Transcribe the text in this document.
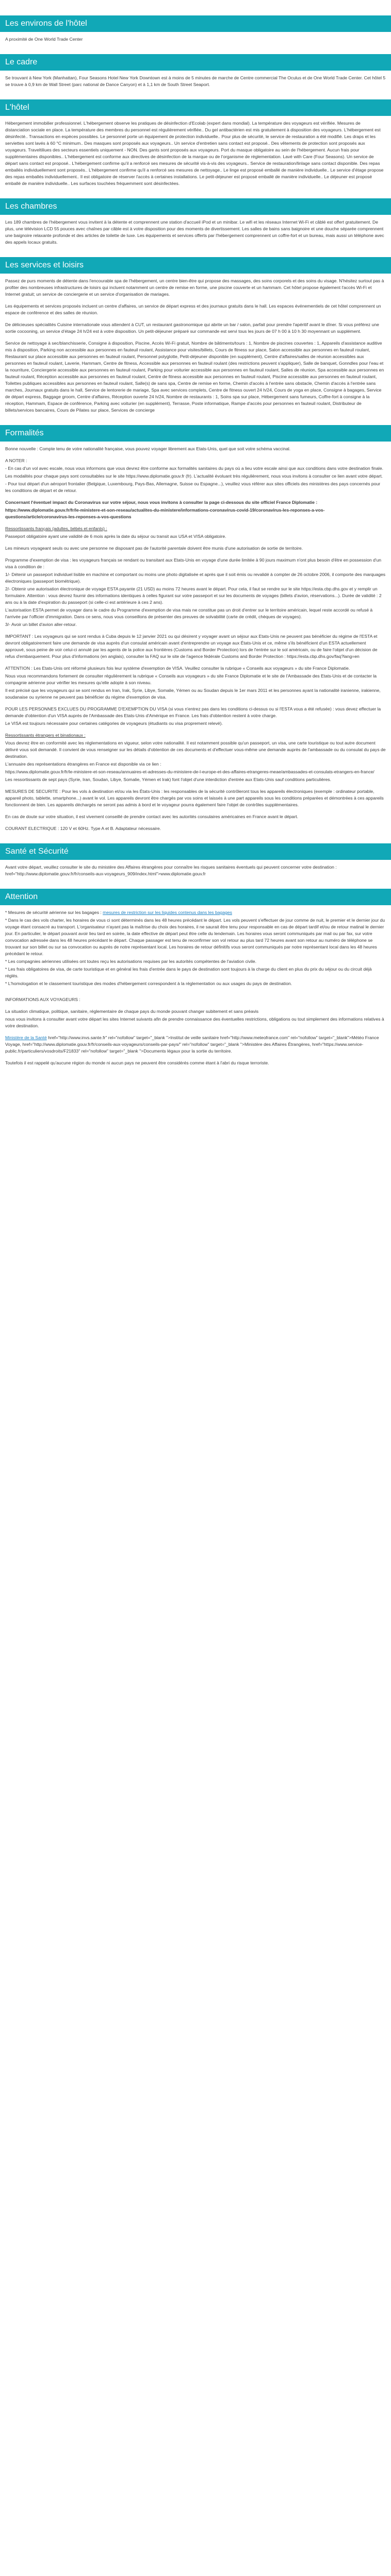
Les environs de l'hôtel

A proximité de One World Trade Center

Le cadre

Se trouvant à New York (Manhattan), Four Seasons Hotel New York Downtown est à moins de 5 minutes de marche de Centre commercial The Oculus et de One World Trade Center. Cet hôtel 5 se trouve à 0,9 km de Wall Street (parc national de Dance Canyon) et à 1,1 km de South Street Seaport.

L'hôtel

Hébergement immobilier professionnel. L'hébergement observe les pratiques de désinfection d'Ecolab (expert dans mondial). La température des voyageurs est vérifiée. Mesures de distanciation sociale en place. La température des membres du personnel est régulièrement vérifiée.. Du gel antibactérien est mis gratuitement à disposition des voyageurs. L'hébergement est désinfecté.. Transactions en espèces possibles. Le personnel porte un équipement de protection individuelle.. Pour plus de sécurité, le service de restauration a été modifié. Les draps et les serviettes sont lavés à 60 °C minimum.. Des masques sont proposés aux voyageurs.. Un service d'entretien sans contact est proposé.. Des vêtements de protection sont proposés aux voyageurs. Traveltiliues des secteurs essentiels uniquement - NON. Des gants sont proposés aux voyageurs. Port du masque obligatoire au sein de l'hébergement. Aucun frais pour supplémentaires disponibles.. L'hébergement est conforme aux directives de désinfection de la marque ou de l'organisme de réglementation. Lavé with Care (Four Seasons). Un service de départ sans contact est proposé.. L'hébergement confirme qu'il a renforcé ses mesures de sécurité vis-à-vis des voyageurs.. Service de restauration/linlage sans contact disponible. Des repas emballés individuellement sont proposés.. L'hébergement confirme qu'il a renforcé ses mesures de nettoyage.. Le linge est proposé emballé de manière individuelle.. Le service d'étage propose des repas emballés individuellement.. Il est obligatoire de réserver l'accès à certaines installations. Le petit-déjeuner est proposé emballé de manière individuelle.. Le déjeuner est proposé emballé de manière individuelle.. Les surfaces touchées fréquemment sont désinfectées.

Les chambres

Les 189 chambres de l'hébergement vous invitent à la détente et comprennent une station d'accueil iPod et un minibar. Le wifi et les réseaux Internet Wi-Fi et câblé est offert gratuitement. De plus, une télévision LCD 55 pouces avec chaînes par câble est à votre disposition pour des moments de divertissement. Les salles de bains sans baignoire et une douche séparée comprennent une baignoire relaxante profonde et des articles de toilette de luxe. Les équipements et services offerts par l'hébergement comprennent un coffre-fort et un bureau, mais aussi un téléphone avec des appels locaux gratuits.

Les services et loisirs

Passez de purs moments de détente dans l'encourable spa de l'hébergement, un centre bien-être qui propose des massages, des soins corporels et des soins du visage. N'hésitez surtout pas à profiter des nombreuses infrastructures de loisirs qui incluent notamment un centre de remise en forme, une piscine couverte et un hammam. Cet hôtel propose également l'accès Wi-Fi et Internet gratuit; un service de conciergerie et un service d'organisation de mariages.

Les équipements et services proposés incluent un centre d'affaires, un service de départ express et des journaux gratuits dans le hall. Les espaces événementiels de cet hôtel comprennent un espace de conférence et des salles de réunion.

De délicieuses spécialités Cuisine internationale vous attendent à CUT, un restaurant gastronomique qui abrite un bar / salon, parfait pour prendre l'apéritif avant le dîner. Si vous préférez une sortie cocooning, un service d'étage 24 h/24 est à votre disposition. Un petit-déjeuner préparé sur commande est servi tous les jours de 07 h 00 à 10 h 30 moyennant un supplément.

Service de nettoyage à sec/blanchisserie, Consigne à disposition, Piscine, Accès Wi-Fi gratuit, Nombre de bâtiments/tours : 1, Nombre de piscines couvertes : 1, Appareils d'assistance auditive mis à disposition, Parking non accessible aux personnes en fauteuil roulant, Assistance pour visites/billets, Cours de fitness sur place, Salon accessible aux personnes en fauteuil roulant, Restaurant sur place accessible aux personnes en fauteuil roulant, Personnel polyglotte, Petit-déjeuner disponible (en supplément), Centre d'affaires/salles de réunion accessibles aux personnes en fauteuil roulant, Laverie, Hammam, Centre de fitness, Accessible aux personnes en fauteuil roulant (des restrictions peuvent s'appliquer), Salle de banquet, Gonndles pour l'eau et la nourriture, Conciergerie accessible aux personnes en fauteuil roulant, Parking pour voiturier accessible aux personnes en fauteuil roulant, Salles de réunion, Spa accessible aux personnes en fauteuil roulant, Réception accessible aux personnes en fauteuil roulant, Centre de fitness accessible aux personnes en fauteuil roulant, Piscine accessible aux personnes en fauteuil roulant, Toilettes publiques accessibles aux personnes en fauteuil roulant, Salle(s) de sans spa, Centre de remise en forme, Chemin d'accès à l'entrée sans obstacle, Chemin d'accès à l'entrée sans marches, Journaux gratuits dans le hall, Service de lentorerie de mariage, Spa avec services complets, Centre de fitness ouvert 24 h/24, Cours de yoga en place, Consigne à bagages, Service de départ express, Baggage groom, Centre d'affaires, Réception ouverte 24 h/24, Nombre de restaurants : 1, Soins spa sur place, Hébergement sans fumeurs, Coffre-fort à consigne à la réception, Hammam, Espace de conférence, Parking avec voiturier (en supplément), Terrasse, Poste informatique, Rampe d'accès pour personnes en fauteuil roulant, Distributeur de billets/services bancaires, Cours de Pilates sur place, Services de concierge

Formalités

Bonne nouvelle : Compte tenu de votre nationalité française, vous pouvez voyager librement aux Etats-Unis, quel que soit votre schéma vaccinal.

A NOTER :

- En cas d'un vol avec escale, nous vous informons que vous devrez être conforme aux formalités sanitaires du pays où a lieu votre escale ainsi que aux conditions dans votre destination finale.

Les modalités pour chaque pays sont consultables sur le site https://www.diplomatie.gouv.fr (fr). L'actualité évoluant très régulièrement, nous vous invitons à consulter ce lien avant votre départ.

- Pour tout départ d'un aéroport frontalier (Belgique, Luxembourg, Pays-Bas, Allemagne, Suisse ou Espagne...), veuillez vous référer aux sites officiels des ministères des pays concernés pour les conditions de départ et de retour.

Concernant l'éventuel impact du Coronavirus sur votre séjour, nous vous invitons à consulter la page ci-dessous du site officiel France Diplomatie :

https://www.diplomatie.gouv.fr/fr/le-ministere-et-son-reseau/actualites-du-ministere/informations-coronavirus-covid-19/coronavirus-les-reponses-a-vos-questions/article/coronavirus-les-reponses-a-vos-questions

Ressortissants français (adultes, bébés et enfants) :

Passeport obligatoire ayant une validité de 6 mois après la date du séjour ou transit aux USA et VISA obligatoire.

Les mineurs voyageant seuls ou avec une personne ne disposant pas de l'autorité parentale doivent être munis d'une autorisation de sortie de territoire.

Programme d'exemption de visa : les voyageurs français se rendant ou transitant aux Etats-Unis en voyage d'une durée limitée à 90 jours maximum n'ont plus besoin d'être en possession d'un visa à condition de :

1/- Détenir un passeport individuel lisible en machine et comportant ou moins une photo digitalisée et après que il soit émis ou revalidé à compter de 26 octobre 2006, il comporte des marquages électroniques (passeport biométrique).

2/- Obtenir une autorisation électronique de voyage ESTA payante (21 USD) au moins 72 heures avant le départ. Pour cela, il faut se rendre sur le site https://esta.cbp.dhs.gov et y remplir un formulaire. Attention : vous devrez fournir des informations identiques à celles figurant sur votre passeport et sur les documents de voyages (billets d'avion, réservations...). Durée de validité : 2 ans ou à la date d'expiration du passeport (si celle-ci est antérieure à ces 2 ans).

L'autorisation ESTA permet de voyager dans le cadre du Programme d'exemption de visa mais ne constitue pas un droit d'entrer sur le territoire américain, lequel reste accordé ou refusé à l'arrivée par l'officier d'immigration. Dans ce sens, nous vous conseillons de présenter des preuves de solvabilité (carte de crédit, chèques de voyages).

3/- Avoir un billet d'avion aller-retour.

IMPORTANT : Les voyageurs qui se sont rendus à Cuba depuis le 12 janvier 2021 ou qui désirent y voyager avant un séjour aux Etats-Unis ne peuvent pas bénéficier du régime de l'ESTA et devront obligatoirement faire une demande de visa auprès d'un consulat américain avant d'entreprendre un voyage aux États-Unis et ce, même s'ils bénéficient d'un ESTA actuellement approuvé, sous peine de voir celui-ci annulé par les agents de la police aux frontières (Customs and Border Protection) lors de l'entrée sur le sol américain, ou de faire l'objet d'un décision de refus d'embarquement. Pour plus d'informations (en anglais), consulter la FAQ sur le site de l'agence fédérale Customs and Border Protection : https://esta.cbp.dhs.gov/faq?lang=en

ATTENTION : Les Etats-Unis ont réformé plusieurs fois leur système d'exemption de VISA. Veuillez consulter la rubrique « Conseils aux voyageurs » du site France Diplomatie.

Nous vous recommandons fortement de consulter régulièrement la rubrique « Conseils aux voyageurs » du site France Diplomatie et le site de l'Ambassade des Etats-Unis et de contacter la compagnie aérienne pour vérifier les mesures qu'elle adopte à son niveau.

Il est précisé que les voyageurs qui se sont rendus en Iran, Irak, Syrie, Libye, Somalie, Yémen ou au Soudan depuis le 1er mars 2011 et les personnes ayant la nationalité iranienne, irakienne, soudanaise ou syrienne ne peuvent pas bénéficier du régime d'exemption de visa.

POUR LES PERSONNES EXCLUES DU PROGRAMME D'EXEMPTION DU VISA (si vous n'entrez pas dans les conditions ci-dessus ou si l'ESTA vous a été refusée) : vous devez effectuer la demande d'obtention d'un VISA auprès de l'Ambassade des Etats-Unis d'Amérique en France. Les frais d'obtention restent à votre charge.

Le VISA est toujours nécessaire pour certaines catégories de voyageurs (étudiants ou visa proprement relevé).

Ressortissants étrangers et binationaux :

Vous devrez être en conformité avec les réglementations en vigueur, selon votre nationalité. Il est notamment possible qu'un passeport, un visa, une carte touristique ou tout autre document délivré vous soit demandé. Il convient de vous renseigner sur les détails d'obtention de ces documents et d'effectuer vous-même une demande auprès de l'ambassade ou du consulat du pays de destination.

L'annuaire des représentations étrangères en France est disponible via ce lien :

https://www.diplomatie.gouv.fr/fr/le-ministere-et-son-reseau/annuaires-et-adresses-du-ministere-de-l-europe-et-des-affaires-etrangeres-meae/ambassades-et-consulats-etrangers-en-france/

Les ressortissants de sept pays (Syrie, Iran, Soudan, Libye, Somalie, Yémen et Irak) font l'objet d'une interdiction d'entrée aux Etats-Unis sauf conditions particulières.

MESURES DE SECURITE : Pour les vols à destination et/ou via les États-Unis : les responsables de la sécurité contrôleront tous les appareils électroniques (exemple : ordinateur portable, appareil photo, tablette, smartphone...) avant le vol. Les appareils devront être chargés par vos soins et laissés à une part appareils sous les conditions préparées et démontrées à ces appareils fonctionnent de bien. Les appareils déchargés ne seront pas admis à bord et le voyageur pourra également faire l'objet de contrôles supplémentaires.

En cas de doute sur votre situation, il est vivement conseillé de prendre contact avec les autorités consulaires américaines en France avant le départ.

COURANT ELECTRIQUE : 120 V et 60Hz. Type A et B. Adaptateur nécessaire.

Santé et Sécurité

Avant votre départ, veuillez consulter le site du ministère des Affaires étrangères pour connaître les risques sanitaires éventuels qui peuvent concerner votre destination : href="http://www.diplomatie.gouv.fr/fr/conseils-aux-voyageurs_909/index.html">www.diplomatie.gouv.fr

Attention

* Mesures de sécurité aérienne sur les bagages : mesures de restriction sur les liquides contenus dans les bagages

* Dans le cas des vols charter, les horaires de vous ci sont déterminés dans les 48 heures précédant le départ. Les vols peuvent s'effectuer de jour comme de nuit, le premier et le dernier jour du voyage étant consacré au transport. L'organisateur n'ayant pas la maîtrise du choix des horaires, il ne saurait être tenu pour responsable en cas de départ tardif et/ou de retour matinal le dernier jour. En particulier, le départ pouvant avoir lieu tard en soirée, la date effective de départ peut être celle du lendemain. Les horaires vous seront communiqués par mail ou par fax, sur votre convocation adressée dans les 48 heures précédant le départ. Chaque passager est tenu de reconfirmer son vol retour au plus tard 72 heures avant son retour au numéro de téléphone se trouvant sur son billet ou sur sa convocation ou auprès de notre représentant local. Les horaires de retour définitifs vous seront communiqués par notre représentant local dans les 48 heures précédant le retour.

* Les compagnies aériennes utilisées ont toutes reçu les autorisations requises par les autorités compétentes de l'aviation civile.

* Les frais obligatoires de visa, de carte touristique et en général les frais d'entrée dans le pays de destination sont toujours à la charge du client en plus du prix du séjour ou du circuit déjà réglés.

* L'homologation et le classement touristique des modes d'hébergement correspondent à la réglementation ou aux usages du pays de destination.

INFORMATIONS AUX VOYAGEURS :

La situation climatique, politique, sanitaire, réglementaire de chaque pays du monde pouvant changer subitement et sans préavis

nous vous invitons à consulter avant votre départ les sites Internet suivants afin de prendre connaissance des éventuelles restrictions, obligations ou tout simplement des informations relatives à votre destination.

Ministère de la Santé href="http://www.invs.sante.fr" rel="nofollow" target="_blank ">Institut de veille sanitaire href="http://www.meteofrance.com" rel="nofollow" target="_blank">Météo France Voyage, href="http://www.diplomatie.gouv.fr/fr/conseils-aux-voyageurs/conseils-par-pays/" rel="nofollow" target="_blank ">Ministère des Affaires Étrangères, href="https://www.service-public.fr/particuliers/vosdroits/F21833" rel="nofollow" target="_blank ">Documents légaux pour la sortie du territoire.

Toutefois il est rappelé qu'aucune région du monde ni aucun pays ne peuvent être considérés comme étant à l'abri du risque terroriste.
